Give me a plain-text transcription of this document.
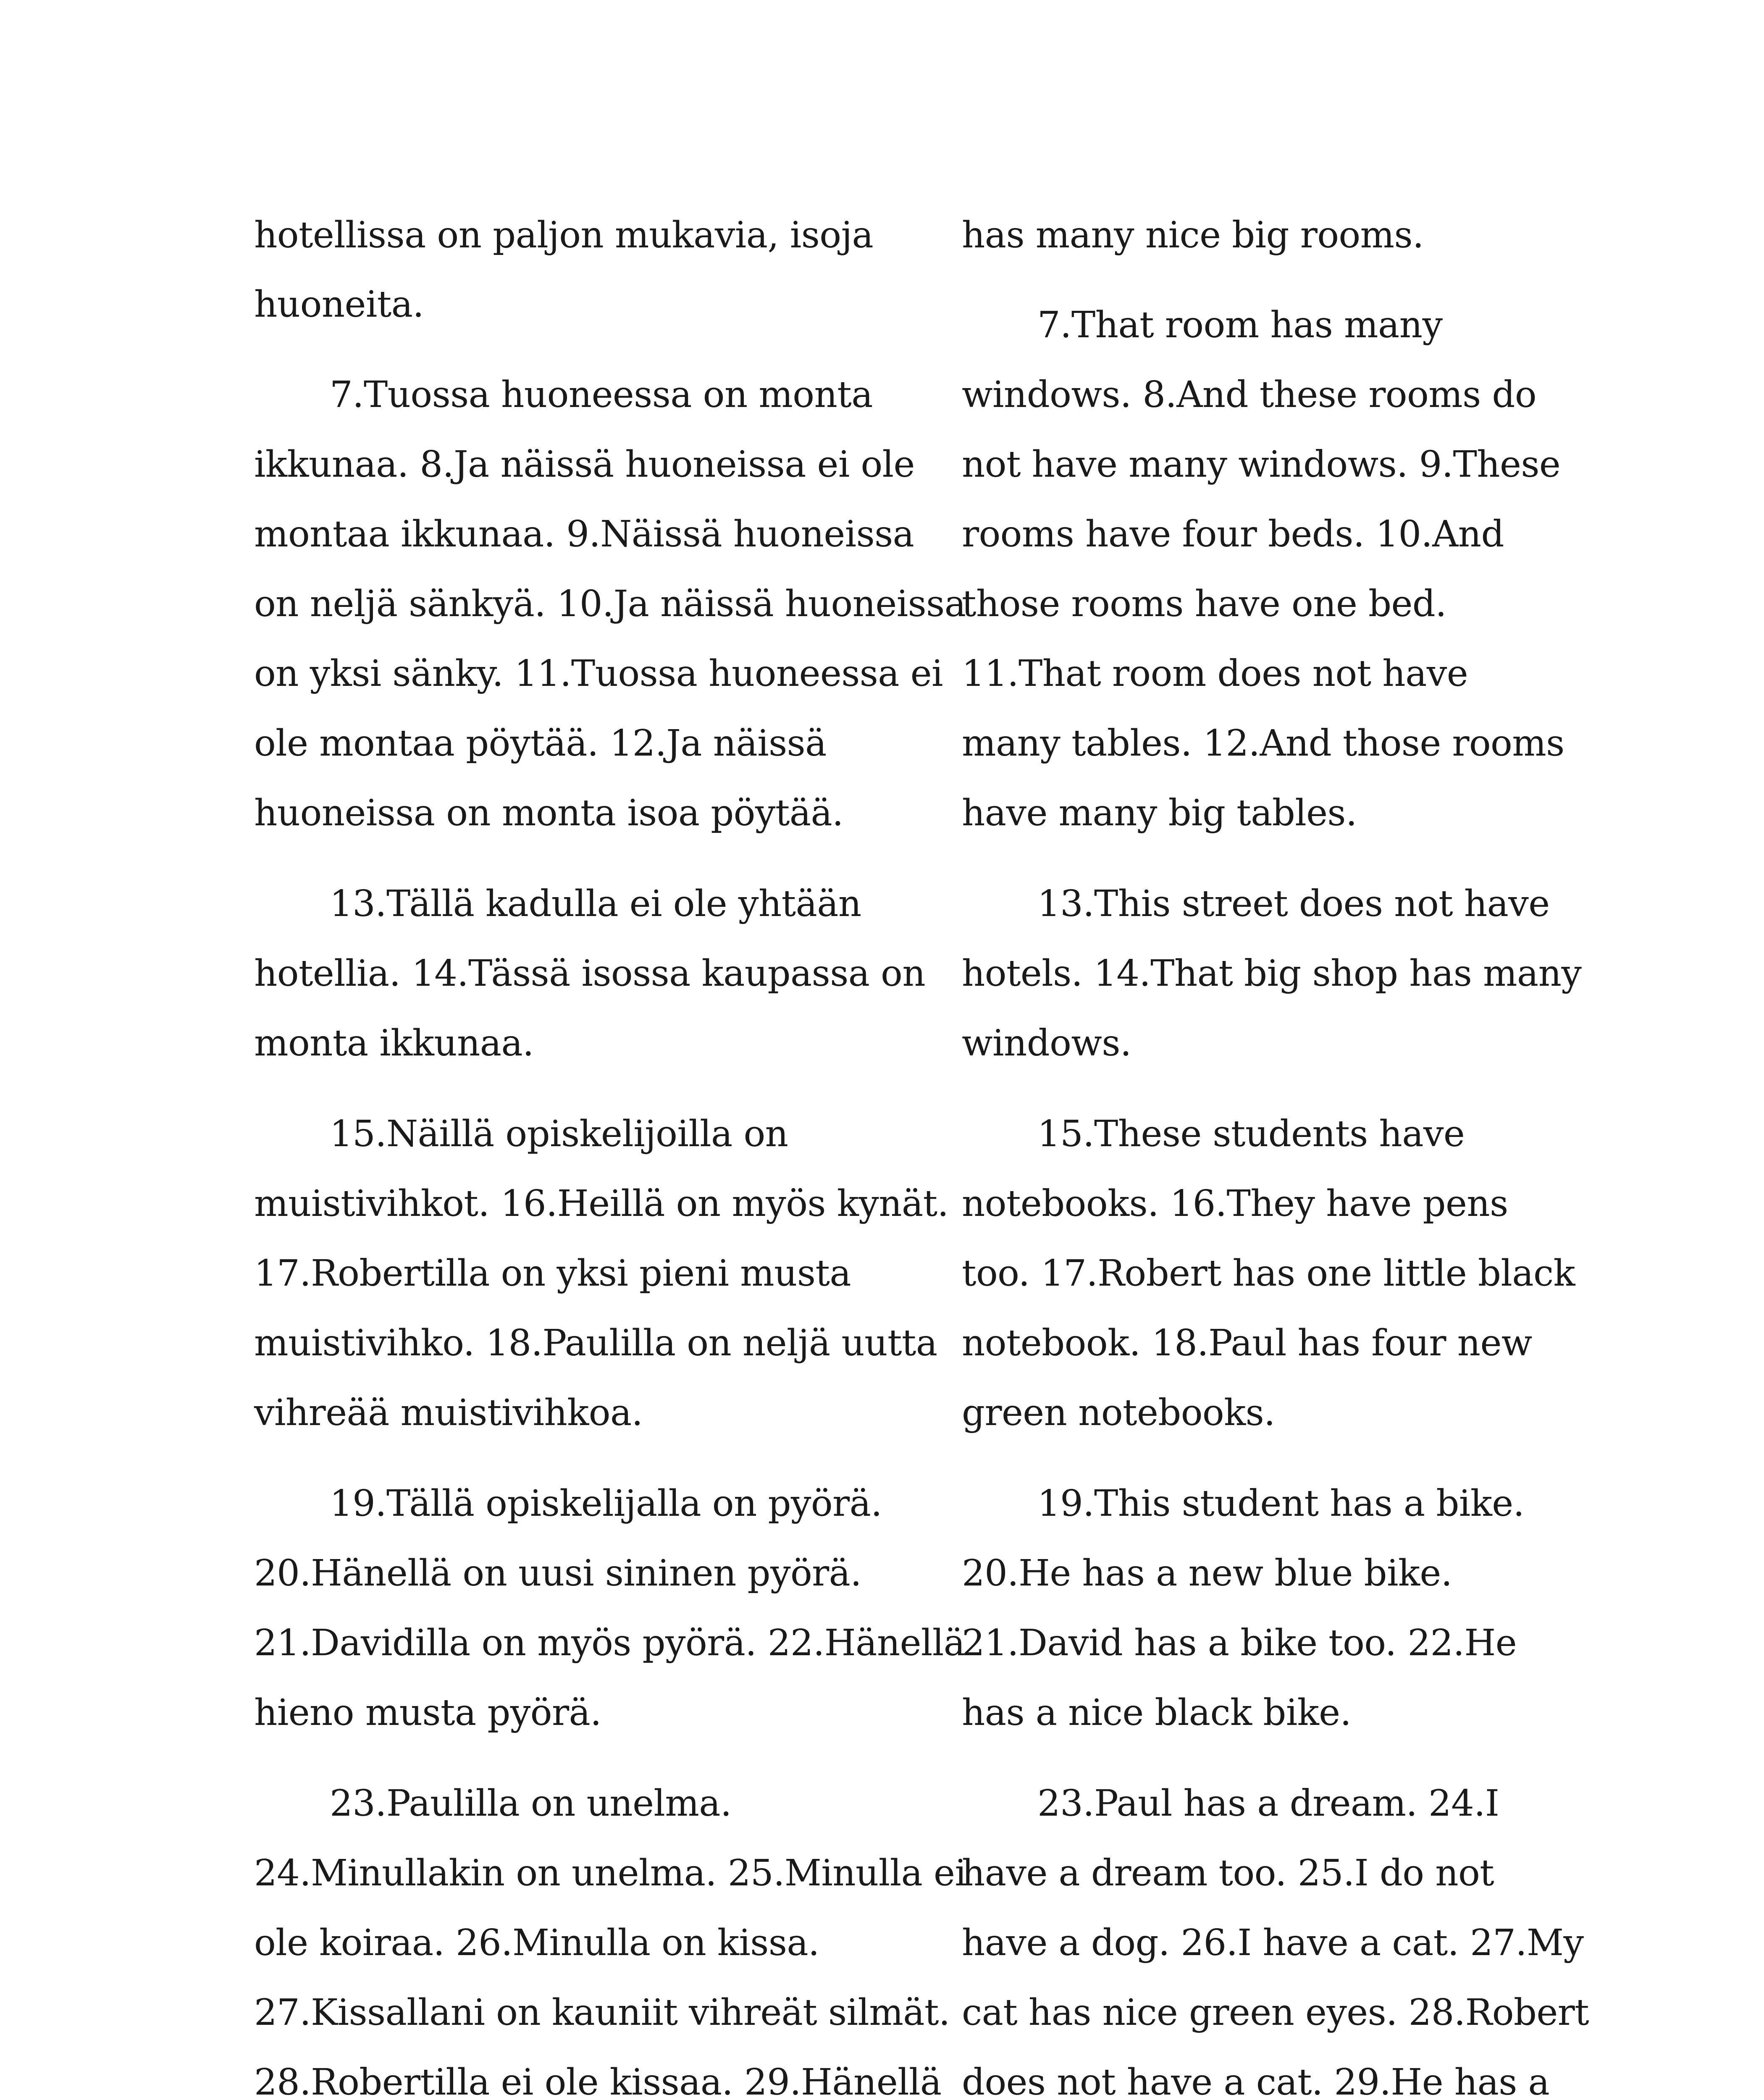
hotellissa on paljon mukavia, isoja
huoneita.
7.Tuossa huoneessa on monta
ikkunaa. 8.Ja näissä huoneissa ei ole
montaa ikkunaa. 9.Näissä huoneissa
on neljä sänkyä. 10.Ja näissä huoneissa
on yksi sänky. 11.Tuossa huoneessa ei
ole montaa pöytää. 12.Ja näissä
huoneissa on monta isoa pöytää.
13.Tällä kadulla ei ole yhtään
hotellia. 14.Tässä isossa kaupassa on
monta ikkunaa.
15.Näillä opiskelijoilla on
muistivihkot. 16.Heillä on myös kynät.
17.Robertilla on yksi pieni musta
muistivihko. 18.Paulilla on neljä uutta
vihreää muistivihkoa.
19.Tällä opiskelijalla on pyörä.
20.Hänellä on uusi sininen pyörä.
21.Davidilla on myös pyörä. 22.Hänellä
hieno musta pyörä.
23.Paulilla on unelma.
24.Minullakin on unelma. 25.Minulla ei
ole koiraa. 26.Minulla on kissa.
27.Kissallani on kauniit vihreät silmät.
28.Robertilla ei ole kissaa. 29.Hänellä
has many nice big rooms.
7.That room has many
windows. 8.And these rooms do
not have many windows. 9.These
rooms have four beds. 10.And
those rooms have one bed.
11.That room does not have
many tables. 12.And those rooms
have many big tables.
13.This street does not have
hotels. 14.That big shop has many
windows.
15.These students have
notebooks. 16.They have pens
too. 17.Robert has one little black
notebook. 18.Paul has four new
green notebooks.
19.This student has a bike.
20.He has a new blue bike.
21.David has a bike too. 22.He
has a nice black bike.
23.Paul has a dream. 24.I
have a dream too. 25.I do not
have a dog. 26.I have a cat. 27.My
cat has nice green eyes. 28.Robert
does not have a cat. 29.He has a
